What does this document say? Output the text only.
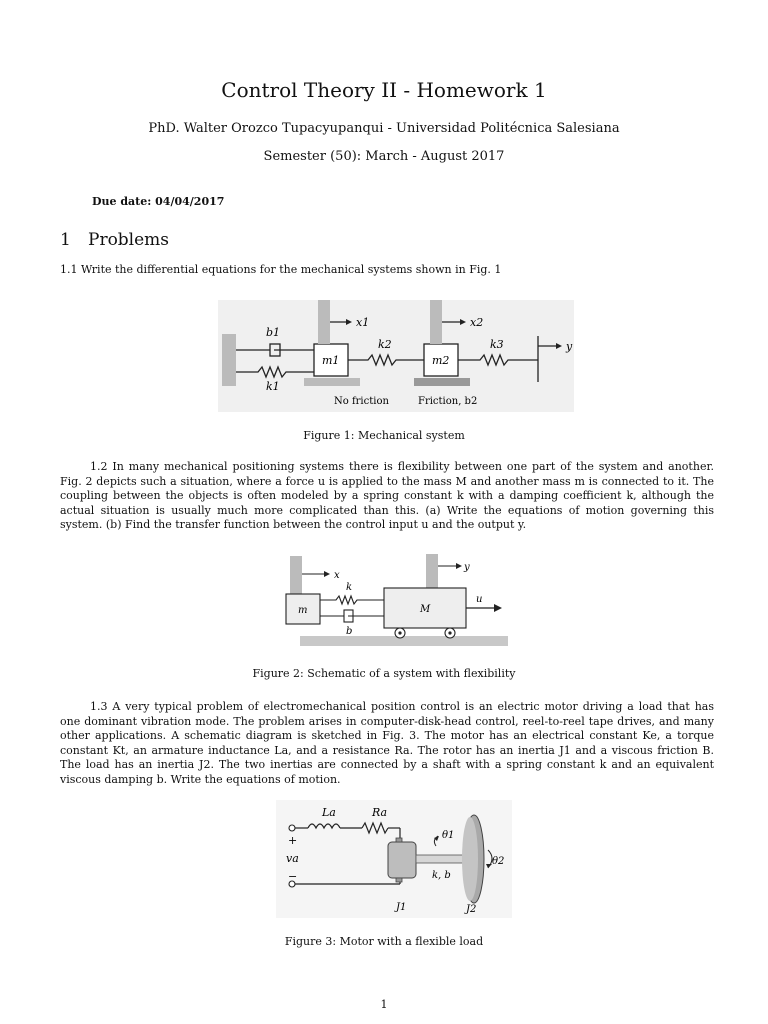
Control Theory II - Homework 1
PhD. Walter Orozco Tupacyupanqui - Universidad Politécnica Salesiana
Semester (50): March - August 2017
Due date: 04/04/2017
1 Problems
1.1 Write the differential equations for the mechanical systems shown in Fig. 1
b1
k1
m1
No friction
x1
k2
m2
Friction, b2
x2
k3	y
Figure 1: Mechanical system
1.2 In many mechanical positioning systems there is flexibility between one part of the system and another. Fig. 2 depicts such a situation, where a force u is applied to the mass M and another mass m is connected to it. The coupling between the objects is often modeled by a spring constant k with a damping coefficient k, although the actual situation is usually much more complicated than this. (a) Write the equations of motion governing this system. (b) Find the transfer function between the control input u and the output y.
x
m
k
b
y
M
u
Figure 2: Schematic of a system with flexibility
1.3 A very typical problem of electromechanical position control is an electric motor driving a load that has one dominant vibration mode. The problem arises in computer-disk-head control, reel-to-reel tape drives, and many other applications. A schematic diagram is sketched in Fig. 3. The motor has an electrical constant Ke, a torque constant Kt, an armature inductance La, and a resistance Ra. The rotor has an inertia J1 and a viscous friction B. The load has an inertia J2. The two inertias are connected by a shaft with a spring constant k and an equivalent viscous damping b. Write the equations of motion.
+
va
−
La	Ra
k, b
θ1
θ2
J1	J2
Figure 3: Motor with a flexible load
1
